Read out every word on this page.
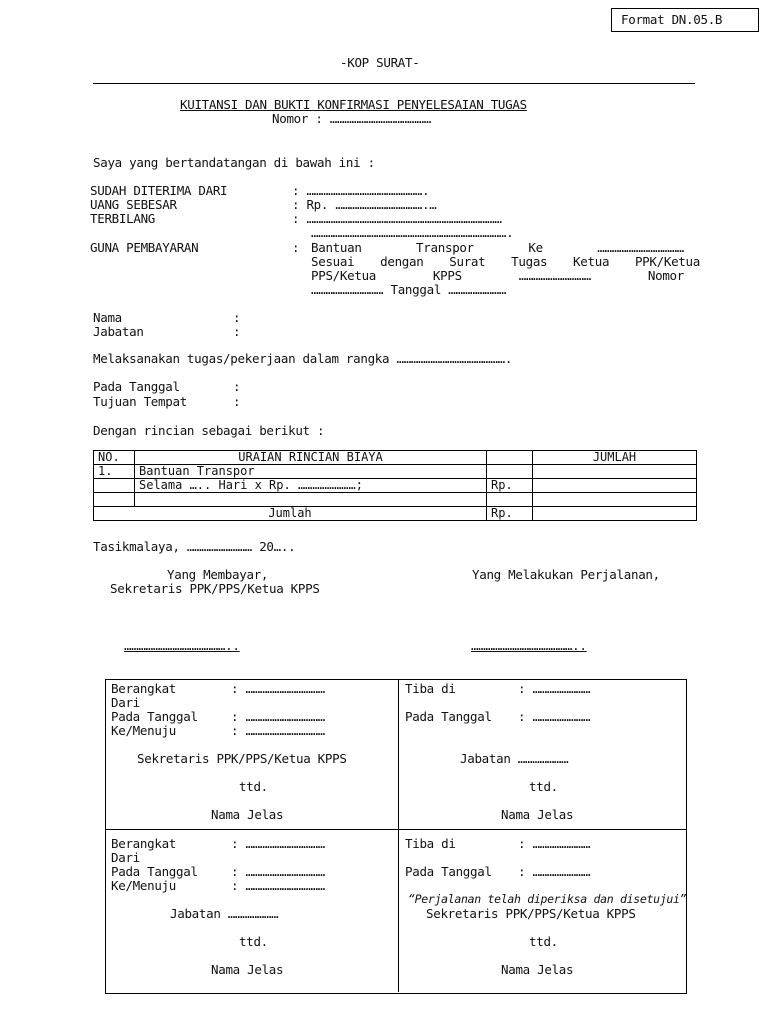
Format DN.05.B
-KOP SURAT-
KUITANSI DAN BUKTI KONFIRMASI PENYELESAIAN TUGAS
Nomor : ……………………………………
Saya yang bertandatangan di bawah ini :
SUDAH DITERIMA DARI	: ………………………………………….
UANG SEBESAR	: Rp. ……………………………….…
TERBILANG	: ………………………………………………………………………
……………………………………………………………………….
GUNA PEMBAYARAN	: Bantuan Transpor Ke ………………………………
Sesuai dengan Surat Tugas Ketua PPK/Ketua
PPS/Ketua KPPS ………………………… Nomor
………………………… Tanggal ……………………
Nama	:
Jabatan	:
Melaksanakan tugas/pekerjaan dalam rangka ……………………………………….
Pada Tanggal	:
Tujuan Tempat	:
Dengan rincian sebagai berikut :
NO.	URAIAN RINCIAN BIAYA		JUMLAH
1.	Bantuan Transpor		
	Selama ….. Hari x Rp. ……………………;	Rp.	

Jumlah		Rp.	
Tasikmalaya, ……………………… 20…..
Yang Membayar,
Sekretaris PPK/PPS/Ketua KPPS
Yang Melakukan Perjalanan,
……………………………………..	……………………………………..
Berangkat	: ……………………………
Dari
Pada Tanggal	: ……………………………
Ke/Menuju	: ……………………………
Sekretaris PPK/PPS/Ketua KPPS
ttd.
Nama Jelas
Tiba di	: ……………………
Pada Tanggal : ……………………
Jabatan …………………
ttd.
Nama Jelas
Berangkat	: ……………………………
Dari
Pada Tanggal	: ……………………………
Ke/Menuju	: ……………………………
Jabatan …………………
ttd.
Nama Jelas
Tiba di	: ……………………
Pada Tanggal : ……………………
“Perjalanan telah diperiksa dan disetujui”
Sekretaris PPK/PPS/Ketua KPPS
ttd.
Nama Jelas
